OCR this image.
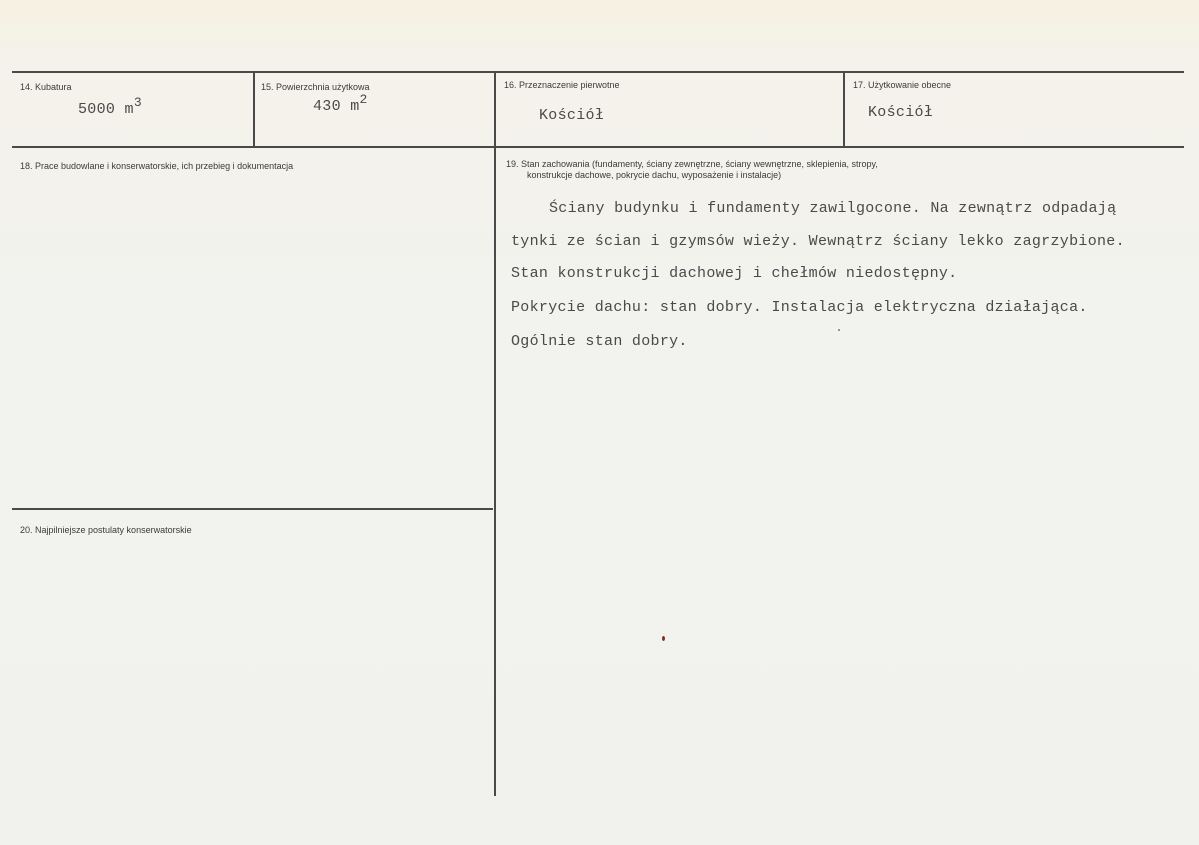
14. Kubatura
5000 m3
15. Powierzchnia użytkowa
430 m2
16. Przeznaczenie pierwotne
Kościół
17. Użytkowanie obecne
Kościół
18. Prace budowlane i konserwatorskie, ich przebieg i dokumentacja	19. Stan zachowania (fundamenty, ściany zewnętrzne, ściany wewnętrzne, sklepienia, stropy,
konstrukcje dachowe, pokrycie dachu, wyposażenie i instalacje)
Ściany budynku i fundamenty zawilgocone. Na zewnątrz odpadają
tynki ze ścian i gzymsów wieży. Wewnątrz ściany lekko zagrzybione.
Stan konstrukcji dachowej i chełmów niedostępny.
Pokrycie dachu: stan dobry. Instalacja elektryczna działająca.
Ogólnie stan dobry.
20. Najpilniejsze postulaty konserwatorskie
